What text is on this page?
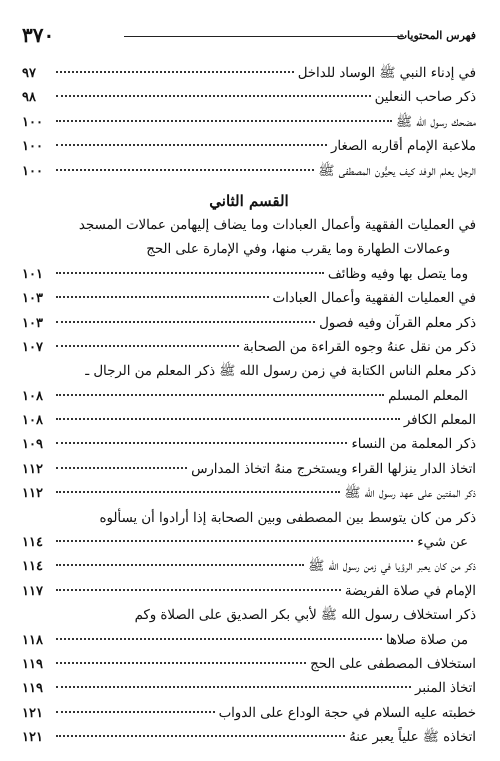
٣٧٠	فهرس المحتويات
في إدناء النبي ﷺ الوساد للداخل
٩٧
ذكر صاحب النعلين
٩٨
مضحك رسول الله ﷺ
١٠٠
ملاعبة الإمام أقاربه الصغار
١٠٠
الرجل يعلم الوفد كيف يحيُّون المصطفى ﷺ
١٠٠
القسم الثاني
في العمليات الفقهية وأعمال العبادات وما يضاف إليهامن عمالات المسجد
وعمالات الطهارة وما يقرب منها، وفي الإمارة على الحج
وما يتصل بها وفيه وظائف
١٠١
في العمليات الفقهية وأعمال العبادات
١٠٣
ذكر معلم القرآن وفيه فصول
١٠٣
ذكر من نقل عنهُ وجوه القراءة من الصحابة
١٠٧
ذكر معلم الناس الكتابة في زمن رسول الله ﷺ ذكر المعلم من الرجال ـ
المعلم المسلم
١٠٨
المعلم الكافر
١٠٨
ذكر المعلمة من النساء
١٠٩
اتخاذ الدار ينزلها القراء ويستخرج منهُ اتخاذ المدارس
١١٢
ذكر المفتين على عهد رسول الله ﷺ
١١٢
ذكر من كان يتوسط بين المصطفى وبين الصحابة إذا أرادوا أن يسألوه
عن شيء
١١٤
ذكر من كان يعبر الرؤيا في زمن رسول الله ﷺ
١١٤
الإمام في صلاة الفريضة
١١٧
ذكر استخلاف رسول الله ﷺ لأبي بكر الصديق على الصلاة وكم
من صلاة صلاها
١١٨
استخلاف المصطفى على الحج
١١٩
اتخاذ المنبر
١١٩
خطبته عليه السلام في حجة الوداع على الدواب
١٢١
اتخاذه ﷺ علياً يعبر عنهُ
١٢١
